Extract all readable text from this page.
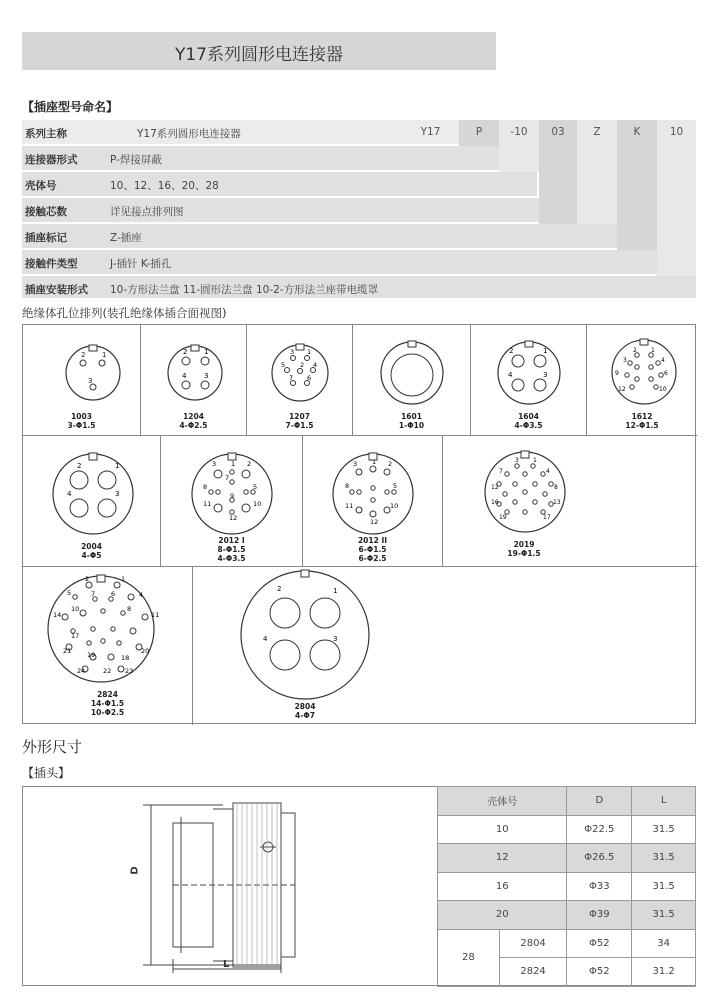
Y17系列圆形电连接器
【插座型号命名】
系列主称	Y17系列圆形电连接器
连接器形式	P-焊接屏蔽
壳体号	10、12、16、20、28
接触芯数	详见接点排列图
插座标记	Z-插座
接触件类型	J-插针 K-插孔
插座安装形式 10-方形法兰盘 11-圆形法兰盘 10-2-方形法兰座带电缆罩
Y17	P	-10	03	Z	K	10
绝缘体孔位排列(装孔绝缘体插合面视图)
2 1
3
1003
3-Φ1.5
2 1
4	3
1204
4-Φ2.5
3 1
5	4
2
7 6
1207
7-Φ1.5
1601
1-Φ10
2	1
4	3
1604
4-Φ3.5
2 1
3	4
9	6
12	10
1612
12-Φ1.5
2	1
4	3
2004
4-Φ5
3	2
1
7
8	5
9
11	10
12
2012 I
8-Φ1.5
4-Φ3.5
3	2
1
8	5
11	10
12
2012 II
6-Φ1.5
6-Φ2.5
3 1
7	4
12	8
16	13
19	17
2019
19-Φ1.5
2	1
5	7 6	4
10	8
14	11
17
21	20
19	18
24	22 23
2824
14-Φ1.5
10-Φ2.5
2	1
4	3
2804
4-Φ7
外形尺寸
【插头】
D
L
壳体号		D	L
10		Φ22.5	31.5
12		Φ26.5	31.5
16		Φ33	31.5
20		Φ39	31.5
28	2804	Φ52	34
	2824	Φ52	31.2
